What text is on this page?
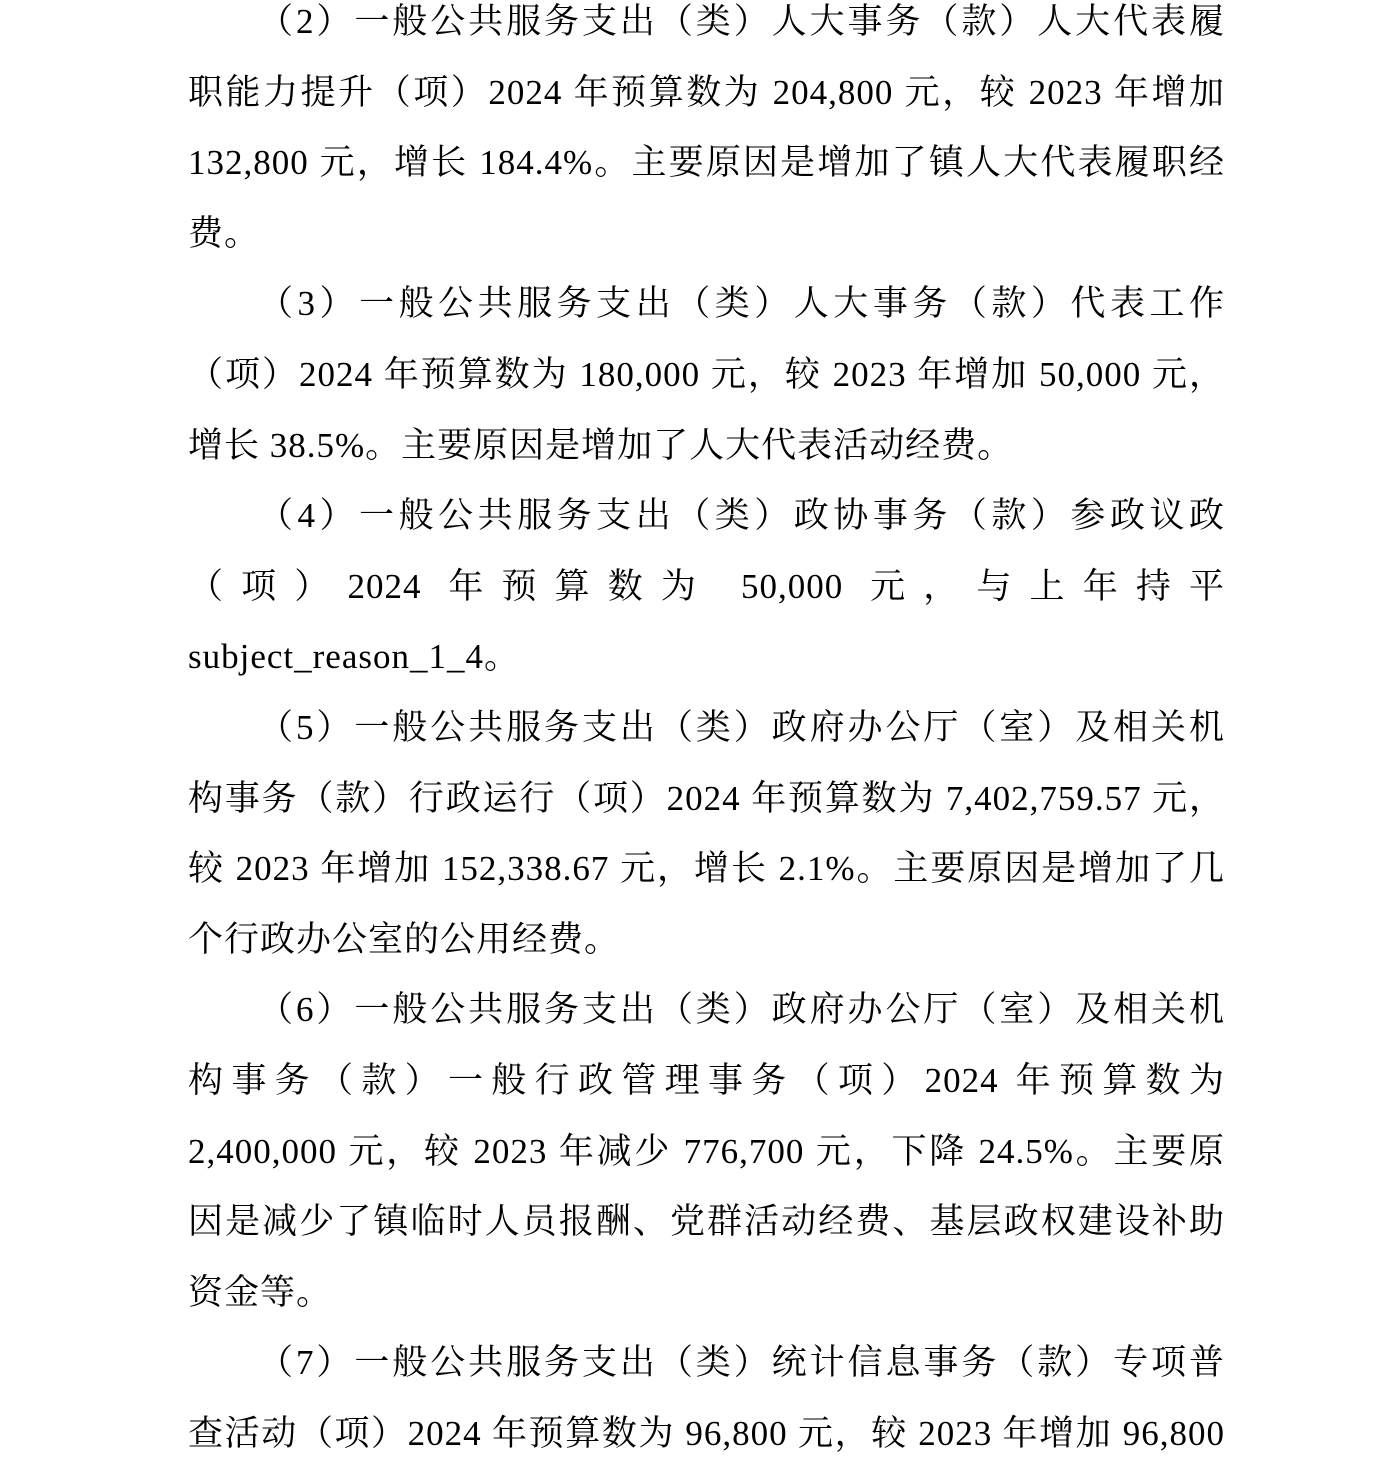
（2）一般公共服务支出（类）人大事务（款）人大代表履
职能力提升（项）2024 年预算数为 204,800 元，较 2023 年增加
132,800 元，增长 184.4%。主要原因是增加了镇人大代表履职经
费。

（3）一般公共服务支出（类）人大事务（款）代表工作
（项）2024 年预算数为 180,000 元，较 2023 年增加 50,000 元，
增长 38.5%。主要原因是增加了人大代表活动经费。

（4）一般公共服务支出（类）政协事务（款）参政议政
（项）2024 年预算数为 50,000 元，与上年持平
subject_reason_1_4。

（5）一般公共服务支出（类）政府办公厅（室）及相关机
构事务（款）行政运行（项）2024 年预算数为 7,402,759.57 元，
较 2023 年增加 152,338.67 元，增长 2.1%。主要原因是增加了几
个行政办公室的公用经费。

（6）一般公共服务支出（类）政府办公厅（室）及相关机
构事务（款）一般行政管理事务（项）2024 年预算数为
2,400,000 元，较 2023 年减少 776,700 元，下降 24.5%。主要原
因是减少了镇临时人员报酬、党群活动经费、基层政权建设补助
资金等。

（7）一般公共服务支出（类）统计信息事务（款）专项普
查活动（项）2024 年预算数为 96,800 元，较 2023 年增加 96,800
